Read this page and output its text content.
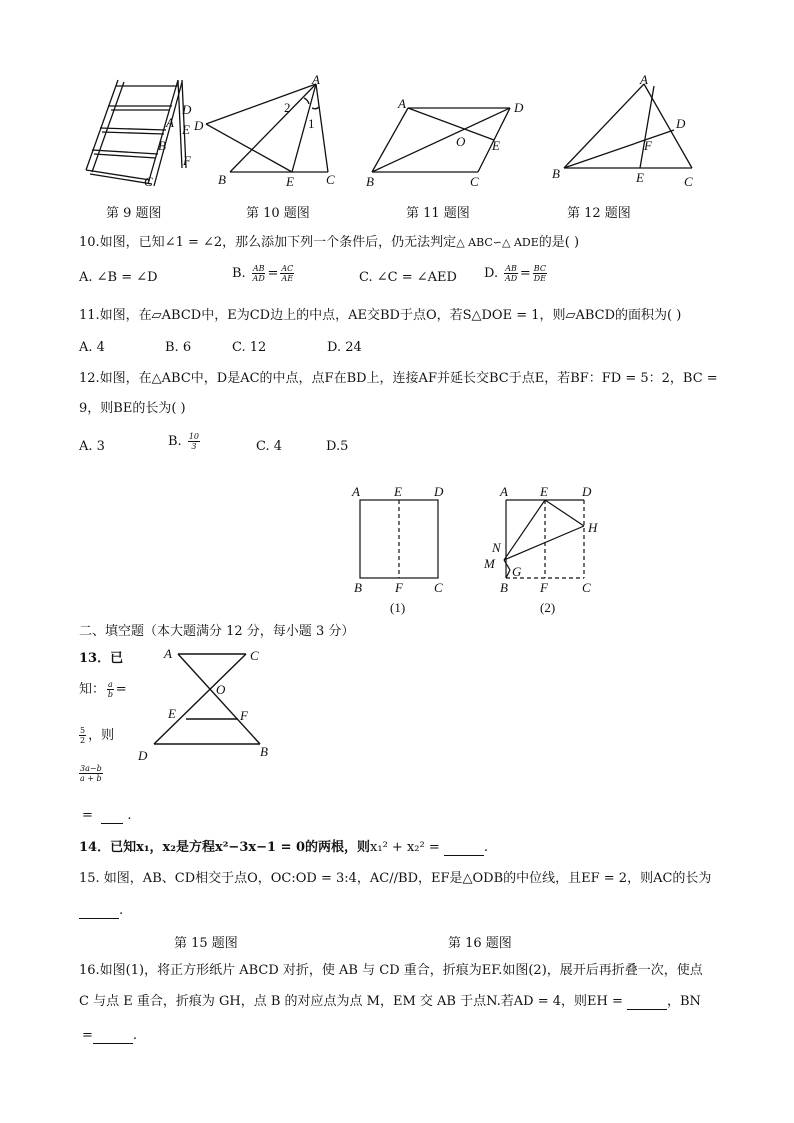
A
D
E
B
F
C
A
D
2
1
B	E C
A	D
O E
B	C
A
D
F
B	E	C
第 9 题图	第 10 题图	第 11 题图	第 12 题图
10.如图，已知∠1 = ∠2，那么添加下列一个条件后，仍无法判定△ ABC∽△ ADE的是( )
A. ∠B = ∠D	B. $\frac{AB}{AD} = \frac{AC}{AE}$	C. ∠C = ∠AED D. $\frac{AB}{AD} = \frac{BC}{DE}$
11.如图，在▱ABCD中，E为CD边上的中点，AE交BD于点O，若S△DOE = 1，则▱ABCD的面积为( )
A. 4	B. 6	C. 12	D. 24
12.如图，在△ABC中，D是AC的中点，点F在BD上，连接AF并延长交BC于点E，若BF：FD = 5：2，BC =
9，则BE的长为( )
A. 3	B. $\frac{10}{3}$	C. 4	D.5
A	E D
B	F C
(1)
A E	D
H
N
M
G
B F	C
(2)
二、填空题（本大题满分 12 分，每小题 3 分）
13．已
知： $\frac{a}{b}$ =
$\frac{5}{2}$ ，则
$\frac{3a-b}{a + b}$
=	.
A	C
O
E	F
D	B
14．已知x₁，x₂是方程x²−3x−1 = 0的两根，则x₁² + x₂² =	.
15. 如图，AB、CD相交于点O，OC:OD = 3:4，AC//BD，EF是△ODB的中位线，且EF = 2，则AC的长为
.
第 15 题图	第 16 题图
16.如图(1)，将正方形纸片 ABCD 对折，使 AB 与 CD 重合，折痕为EF.如图(2)，展开后再折叠一次，使点
C 与点 E 重合，折痕为 GH，点 B 的对应点为点 M，EM 交 AB 于点N.若AD = 4，则EH =	，BN
=	.
